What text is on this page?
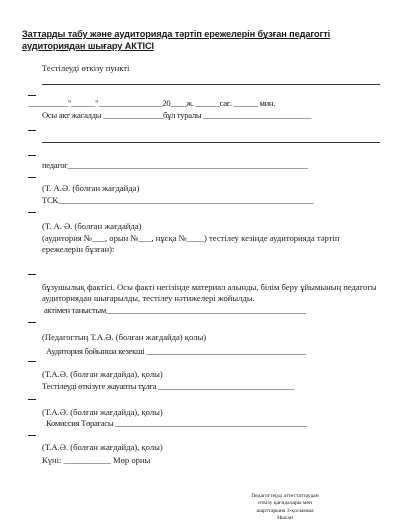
Заттарды табу және аудиторияда тәртіп ережелерін бұзған педагогті аудиториядан шығару АКТІСІ
Тестілеуді өткізу пункті
__________"______"________________20____ж. ______сағ. ______ мин.
Осы акт жасалды _______________бұл туралы ___________________________
педагог____________________________________________________________
(Т. А.Ә. (болған жағдайда)
ТСК________________________________________________________________
(Т. А. Ә. (болған жағдайда)
(аудитория №___, орын №___, нұсқа №____) тестілеу кезінде аудиторияда тәртіп ережелерін бұзған):
бұзушылық фактісі. Осы факті негізінде материал алынды, білім беру ұйымының педагогы аудиториядан шығарылды, тестілеу нәтижелері жойылды.
актімен таныстым__________________________________________________
(Педагогтың Т.А.Ә. (болған жағдайда) қолы)
Аудитория бойынша кезекші ________________________________________
(Т.А.Ә. (болған жағдайда), қолы)
Тестілеуді өткізуге жауапты тұлға __________________________________
(Т.А.Ә. (болған жағдайда), қолы)
Комиссия Төрағасы ________________________________________________
(Т.А.Ә. (болған жағдайда), қолы)
Күні: ___________ Мөр орны
Педагогтерді аттестаттаудан
өткізу қағидалары мен
шарттарына 3-қосымша
Нысан
